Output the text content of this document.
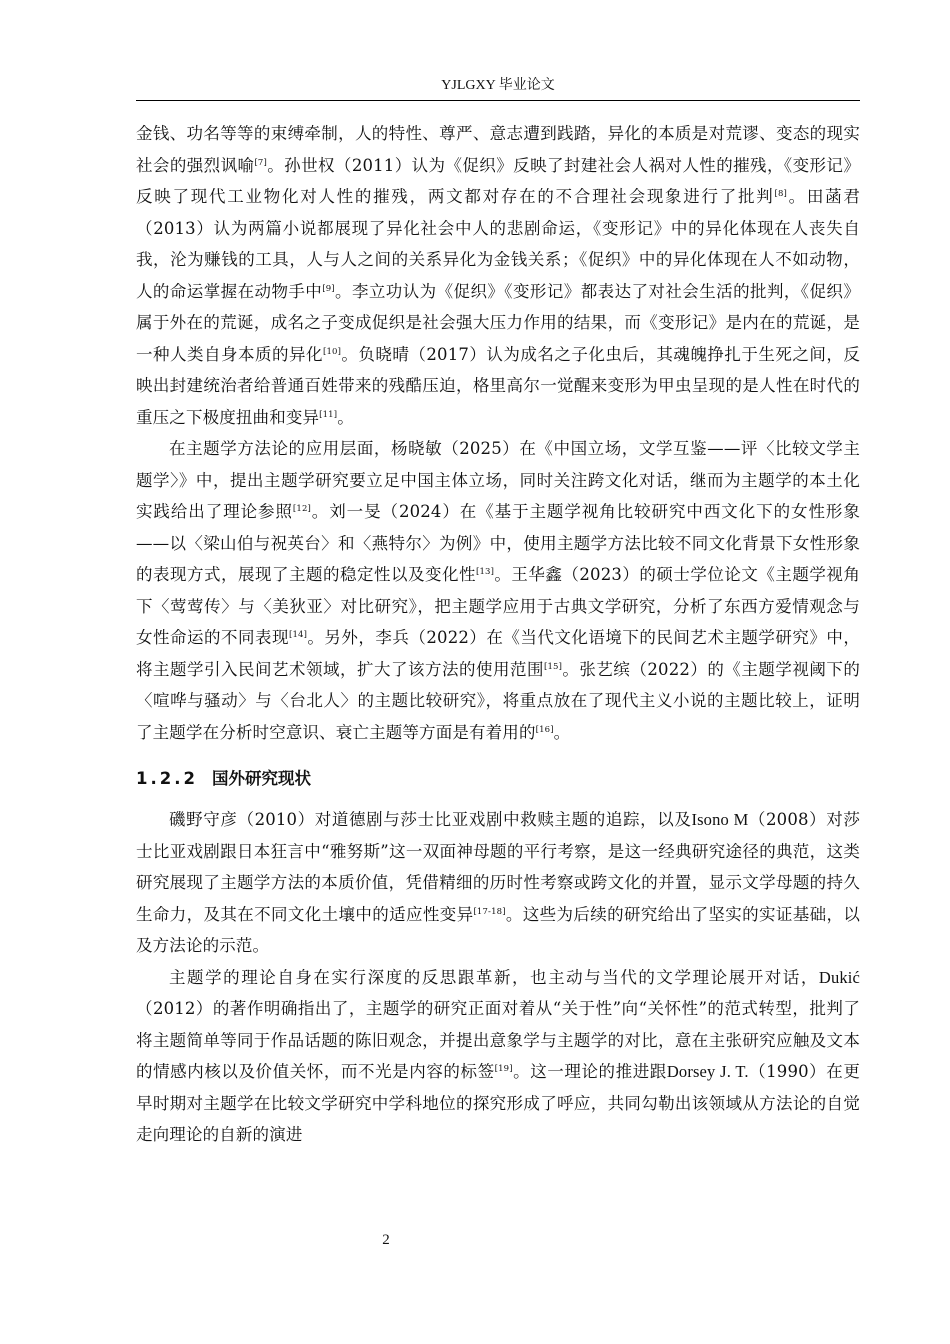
YJLGXY 毕业论文

金钱、功名等等的束缚牵制，人的特性、尊严、意志遭到践踏，异化的本质是对荒谬、变态的现实社会的强烈讽喻[7]。孙世权（2011）认为《促织》反映了封建社会人祸对人性的摧残，《变形记》反映了现代工业物化对人性的摧残，两文都对存在的不合理社会现象进行了批判[8]。田菡君（2013）认为两篇小说都展现了异化社会中人的悲剧命运，《变形记》中的异化体现在人丧失自我，沦为赚钱的工具，人与人之间的关系异化为金钱关系；《促织》中的异化体现在人不如动物，人的命运掌握在动物手中[9]。李立功认为《促织》《变形记》都表达了对社会生活的批判，《促织》属于外在的荒诞，成名之子变成促织是社会强大压力作用的结果，而《变形记》是内在的荒诞，是一种人类自身本质的异化[10]。负晓晴（2017）认为成名之子化虫后，其魂魄挣扎于生死之间，反映出封建统治者给普通百姓带来的残酷压迫，格里高尔一觉醒来变形为甲虫呈现的是人性在时代的重压之下极度扭曲和变异[11]。

在主题学方法论的应用层面，杨晓敏（2025）在《中国立场，文学互鉴——评〈比较文学主题学〉》中，提出主题学研究要立足中国主体立场，同时关注跨文化对话，继而为主题学的本土化实践给出了理论参照[12]。刘一旻（2024）在《基于主题学视角比较研究中西文化下的女性形象——以〈梁山伯与祝英台〉和〈燕特尔〉为例》中，使用主题学方法比较不同文化背景下女性形象的表现方式，展现了主题的稳定性以及变化性[13]。王华鑫（2023）的硕士学位论文《主题学视角下〈莺莺传〉与〈美狄亚〉对比研究》，把主题学应用于古典文学研究，分析了东西方爱情观念与女性命运的不同表现[14]。另外，李兵（2022）在《当代文化语境下的民间艺术主题学研究》中，将主题学引入民间艺术领域，扩大了该方法的使用范围[15]。张艺缤（2022）的《主题学视阈下的〈喧哗与骚动〉与〈台北人〉的主题比较研究》，将重点放在了现代主义小说的主题比较上，证明了主题学在分析时空意识、衰亡主题等方面是有着用的[16]。

1.2.2 国外研究现状

磯野守彦（2010）对道德剧与莎士比亚戏剧中救赎主题的追踪，以及Isono M（2008）对莎士比亚戏剧跟日本狂言中“雅努斯”这一双面神母题的平行考察，是这一经典研究途径的典范，这类研究展现了主题学方法的本质价值，凭借精细的历时性考察或跨文化的并置，显示文学母题的持久生命力，及其在不同文化土壤中的适应性变异[17-18]。这些为后续的研究给出了坚实的实证基础，以及方法论的示范。

主题学的理论自身在实行深度的反思跟革新，也主动与当代的文学理论展开对话，Dukić（2012）的著作明确指出了，主题学的研究正面对着从“关于性”向“关怀性”的范式转型，批判了将主题简单等同于作品话题的陈旧观念，并提出意象学与主题学的对比，意在主张研究应触及文本的情感内核以及价值关怀，而不光是内容的标签[19]。这一理论的推进跟Dorsey J. T.（1990）在更早时期对主题学在比较文学研究中学科地位的探究形成了呼应，共同勾勒出该领域从方法论的自觉走向理论的自新的演进

2
